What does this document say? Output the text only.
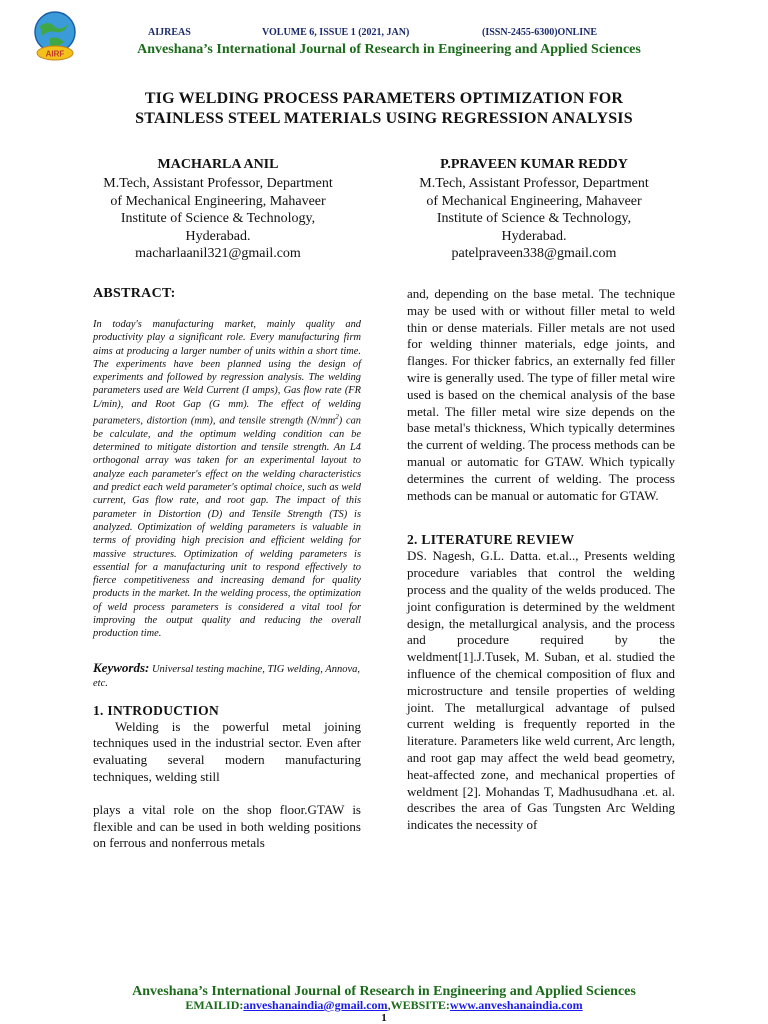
AIRF
AIJREAS	VOLUME 6, ISSUE 1 (2021, JAN)	(ISSN-2455-6300)ONLINE
Anveshana’s International Journal of Research in Engineering and Applied Sciences
TIG WELDING PROCESS PARAMETERS OPTIMIZATION FOR
STAINLESS STEEL MATERIALS USING REGRESSION ANALYSIS
MACHARLA ANIL
M.Tech, Assistant Professor, Department
of Mechanical Engineering, Mahaveer
Institute of Science & Technology,
Hyderabad.
macharlaanil321@gmail.com
P.PRAVEEN KUMAR REDDY
M.Tech, Assistant Professor, Department
of Mechanical Engineering, Mahaveer
Institute of Science & Technology,
Hyderabad.
patelpraveen338@gmail.com
ABSTRACT:

In today's manufacturing market, mainly quality and productivity play a significant role. Every manufacturing firm aims at producing a larger number of units within a short time. The experiments have been planned using the design of experiments and followed by regression analysis. The welding parameters used are Weld Current (I amps), Gas flow rate (FR L/min), and Root Gap (G mm). The effect of welding parameters, distortion (mm), and tensile strength $(N/mm^2)$ can be calculate, and the optimum welding condition can be determined to mitigate distortion and tensile strength. An L4 orthogonal array was taken for an experimental layout to analyze each parameter's effect on the welding characteristics and predict each weld parameter's optimal choice, such as weld current, Gas flow rate, and root gap. The impact of this parameter in Distortion (D) and Tensile Strength (TS) is analyzed. Optimization of welding parameters is valuable in terms of providing high precision and efficient welding for massive structures. Optimization of welding parameters is essential for a manufacturing unit to respond effectively to fierce competitiveness and increasing demand for quality products in the market. In the welding process, the optimization of weld process parameters is considered a vital tool for improving the output quality and reducing the overall production time.

Keywords: Universal testing machine, TIG welding, Annova, etc.

1. INTRODUCTION

Welding is the powerful metal joining techniques used in the industrial sector. Even after evaluating several modern manufacturing techniques, welding still

plays a vital role on the shop floor.GTAW is flexible and can be used in both welding positions on ferrous and nonferrous metals

and, depending on the base metal. The technique may be used with or without filler metal to weld thin or dense materials. Filler metals are not used for welding thinner materials, edge joints, and flanges. For thicker fabrics, an externally fed filler wire is generally used. The type of filler metal wire used is based on the chemical analysis of the base metal. The filler metal wire size depends on the base metal's thickness, Which typically determines the current of welding. The process methods can be manual or automatic for GTAW. Which typically determines the current of welding. The process methods can be manual or automatic for GTAW.

2. LITERATURE REVIEW

DS. Nagesh, G.L. Datta. et.al.., Presents welding procedure variables that control the welding process and the quality of the welds produced. The joint configuration is determined by the weldment design, the metallurgical analysis, and the process and procedure required by the weldment[1].J.Tusek, M. Suban, et al. studied the influence of the chemical composition of flux and microstructure and tensile properties of welding joint. The metallurgical advantage of pulsed current welding is frequently reported in the literature. Parameters like weld current, Arc length, and root gap may affect the weld bead geometry, heat-affected zone, and mechanical properties of weldment [2]. Mohandas T, Madhusudhana .et. al. describes the area of Gas Tungsten Arc Welding indicates the necessity of

Anveshana’s International Journal of Research in Engineering and Applied Sciences
EMAILID:anveshanaindia@gmail.com,WEBSITE:www.anveshanaindia.com
1
